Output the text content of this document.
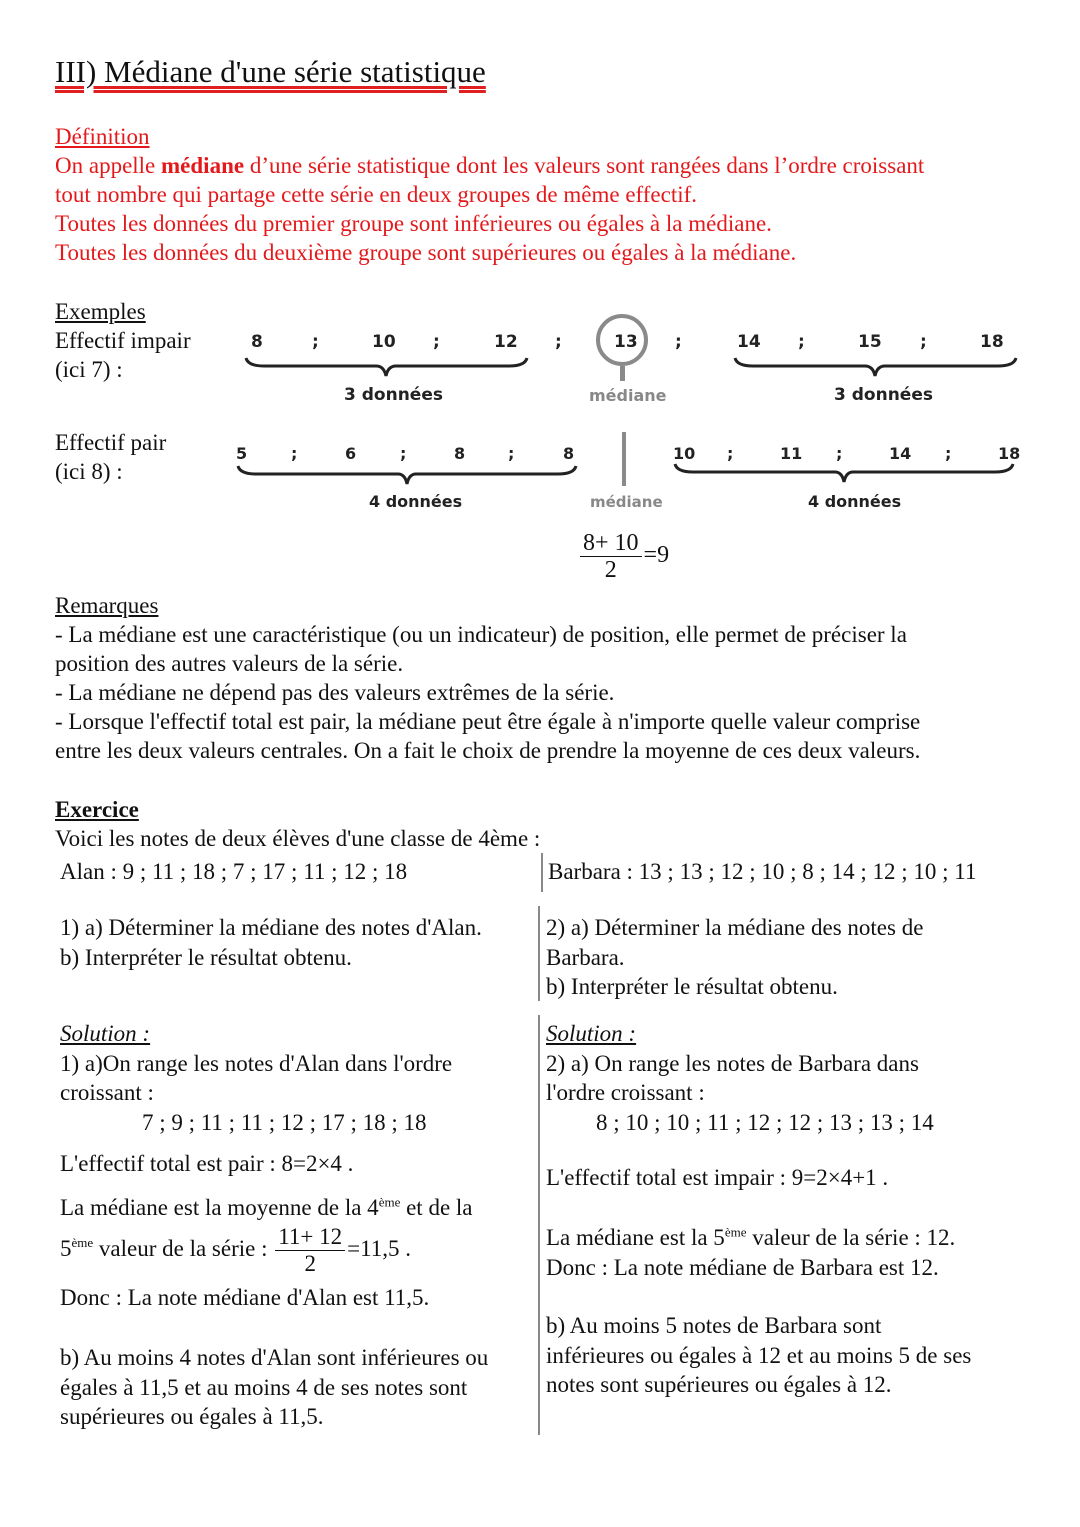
III) Médiane d'une série statistique
Définition
On appelle médiane d’une série statistique dont les valeurs sont rangées dans l’ordre croissant
tout nombre qui partage cette série en deux groupes de même effectif.
Toutes les données du premier groupe sont inférieures ou égales à la médiane.
Toutes les données du deuxième groupe sont supérieures ou égales à la médiane.
Exemples
Effectif impair
(ici 7) :
Effectif pair
(ici 8) :
8	;	10 ;	12 ;
3 données
13
médiane
;	14 ;	15 ;	18
3 données
5	;	6	;	8	;	8
4 données	médiane
10 ;	11 ;	14 ;	18
4 données
$\frac{8+ 10}{2} =9$
Remarques
- La médiane est une caractéristique (ou un indicateur) de position, elle permet de préciser la
position des autres valeurs de la série.
- La médiane ne dépend pas des valeurs extrêmes de la série.
- Lorsque l'effectif total est pair, la médiane peut être égale à n'importe quelle valeur comprise
entre les deux valeurs centrales. On a fait le choix de prendre la moyenne de ces deux valeurs.
Exercice
Voici les notes de deux élèves d'une classe de 4ème :
Alan : 9 ; 11 ; 18 ; 7 ; 17 ; 11 ; 12 ; 18	Barbara : 13 ; 13 ; 12 ; 10 ; 8 ; 14 ; 12 ; 10 ; 11
1) a) Déterminer la médiane des notes d'Alan.
b) Interpréter le résultat obtenu.
2) a) Déterminer la médiane des notes de
Barbara.
b) Interpréter le résultat obtenu.
Solution :
1) a)On range les notes d'Alan dans l'ordre
croissant :
7 ; 9 ; 11 ; 11 ; 12 ; 17 ; 18 ; 18
L'effectif total est pair : 8=2×4 .
La médiane est la moyenne de la 4ème et de la
5ème valeur de la série : $\frac{11+ 12}{2} =11,5$ .
Donc : La note médiane d'Alan est 11,5.
b) Au moins 4 notes d'Alan sont inférieures ou
égales à 11,5 et au moins 4 de ses notes sont
supérieures ou égales à 11,5.
Solution :
2) a) On range les notes de Barbara dans
l'ordre croissant :
8 ; 10 ; 10 ; 11 ; 12 ; 12 ; 13 ; 13 ; 14
L'effectif total est impair : 9=2×4+1 .
La médiane est la 5ème valeur de la série : 12.
Donc : La note médiane de Barbara est 12.
b) Au moins 5 notes de Barbara sont
inférieures ou égales à 12 et au moins 5 de ses
notes sont supérieures ou égales à 12.
